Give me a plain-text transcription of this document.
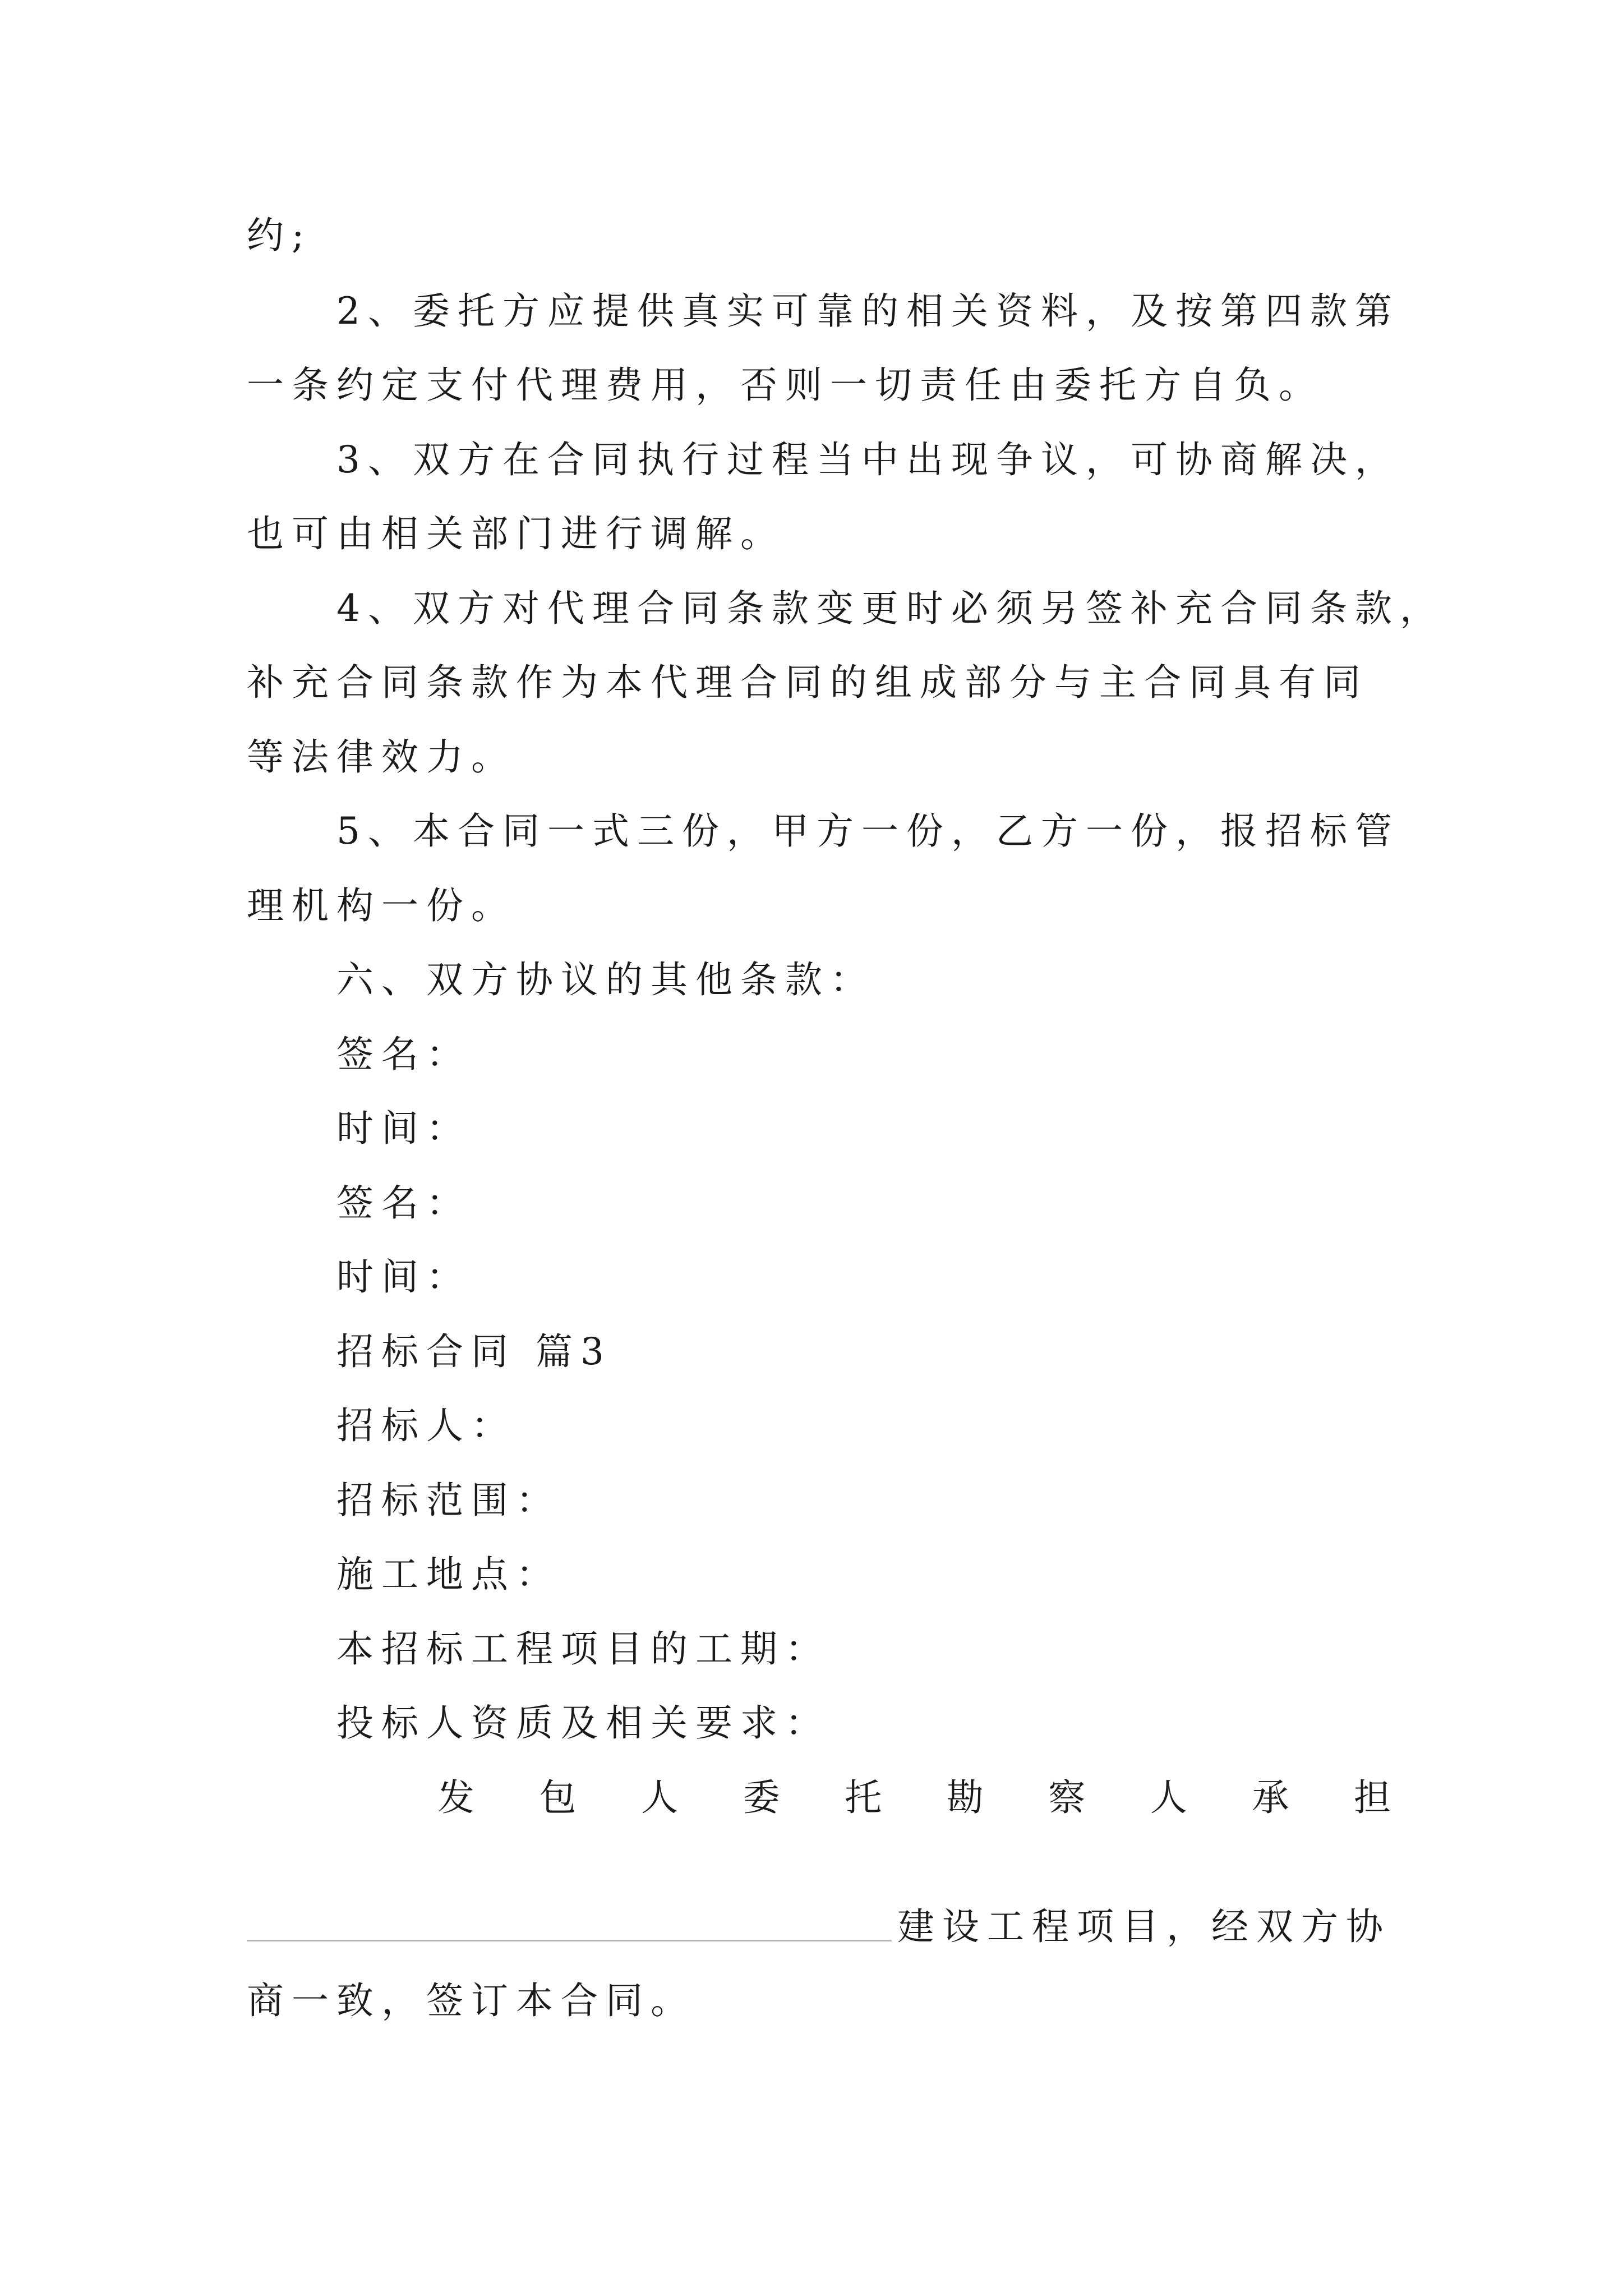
约;
2、委托方应提供真实可靠的相关资料，及按第四款第
一条约定支付代理费用，否则一切责任由委托方自负。
3、双方在合同执行过程当中出现争议，可协商解决，
也可由相关部门进行调解。
4、双方对代理合同条款变更时必须另签补充合同条款，
补充合同条款作为本代理合同的组成部分与主合同具有同
等法律效力。
5、本合同一式三份，甲方一份，乙方一份，报招标管
理机构一份。
六、双方协议的其他条款：
签名：
时间：
签名：
时间：
招标合同 篇3
招标人：
招标范围：
施工地点：
本招标工程项目的工期：
投标人资质及相关要求：
发 包 人 委 托 勘 察 人 承 担
建设工程项目，经双方协
商一致，签订本合同。
